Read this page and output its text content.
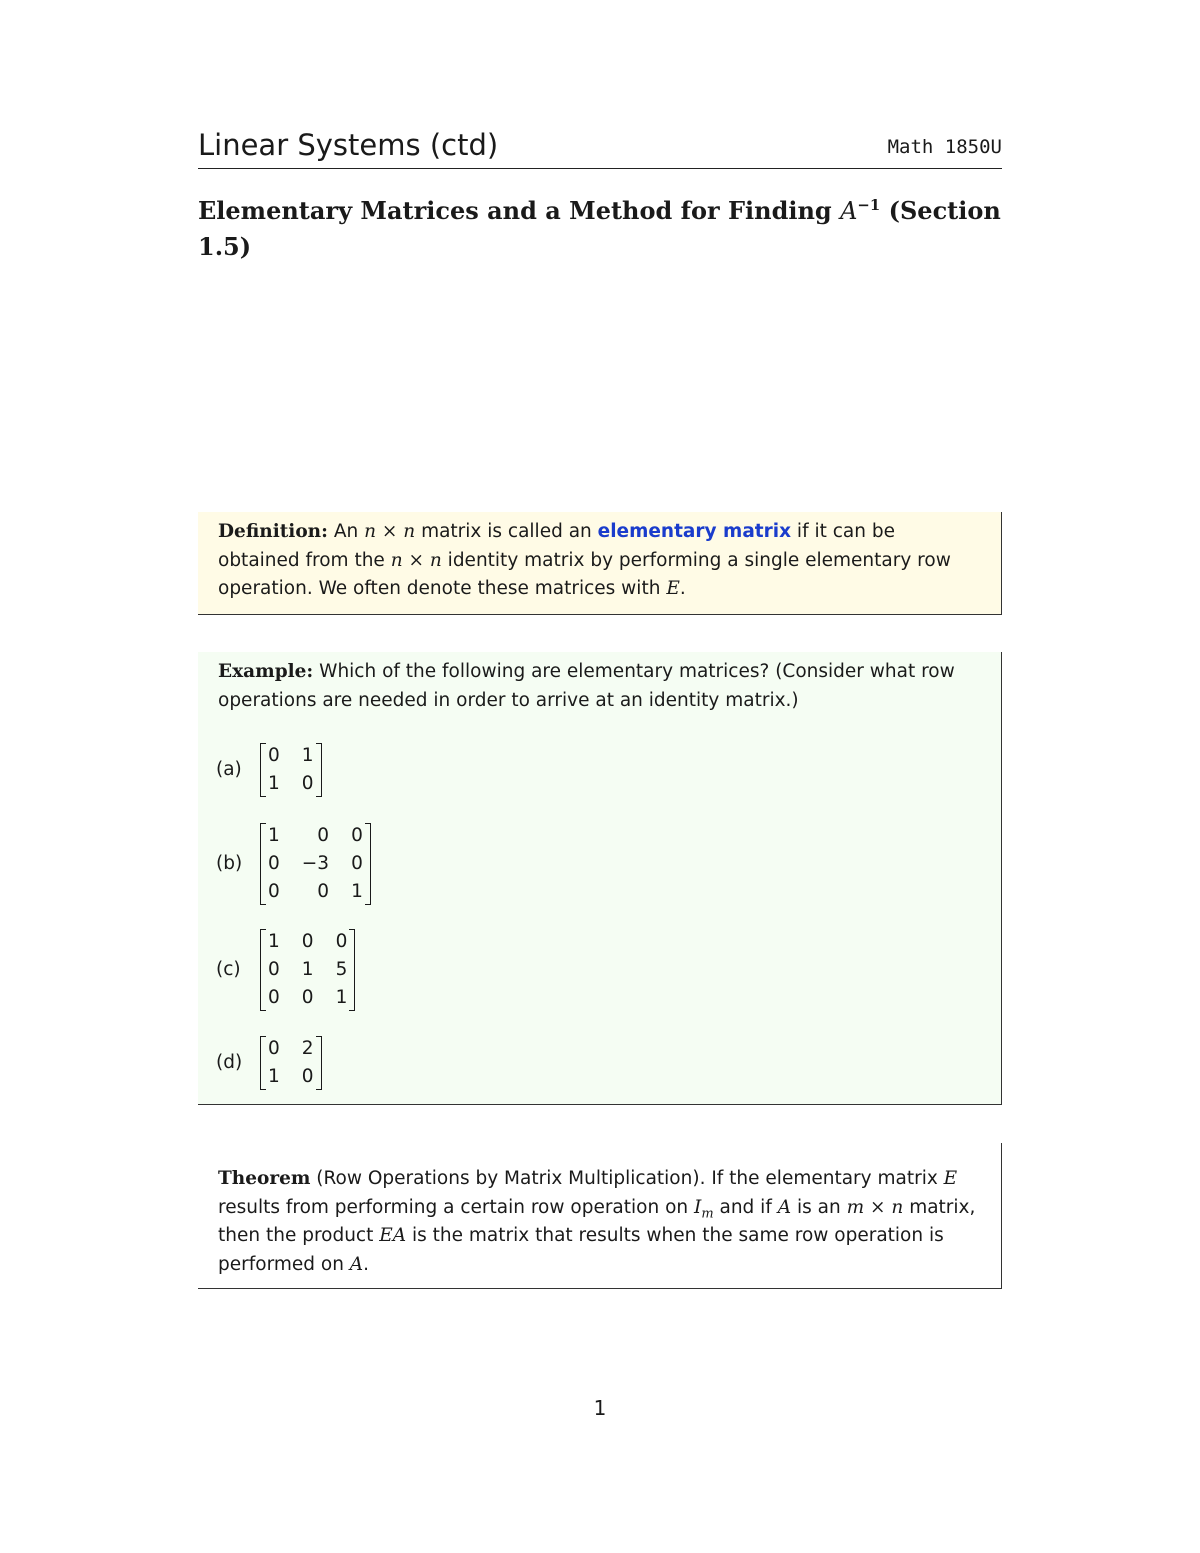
Linear Systems (ctd)	Math 1850U
Elementary Matrices and a Method for Finding $A^{-1}$ (Section 1.5)

Definition: An n × n matrix is called an elementary matrix if it can be obtained from the n × n identity matrix by performing a single elementary row operation. We often denote these matrices with E.

Example: Which of the following are elementary matrices? (Consider what row operations are needed in order to arrive at an identity matrix.)

(a)
0 1
1 0
(b)
1	0 0
0 −3 0
0	0 1
(c)
1 0 0
0 1 5
0 0 1
(d)
0 2
1 0

Theorem (Row Operations by Matrix Multiplication). If the elementary matrix E results from performing a certain row operation on $I_m$ and if A is an m × n matrix, then the product EA is the matrix that results when the same row operation is performed on A.

1
